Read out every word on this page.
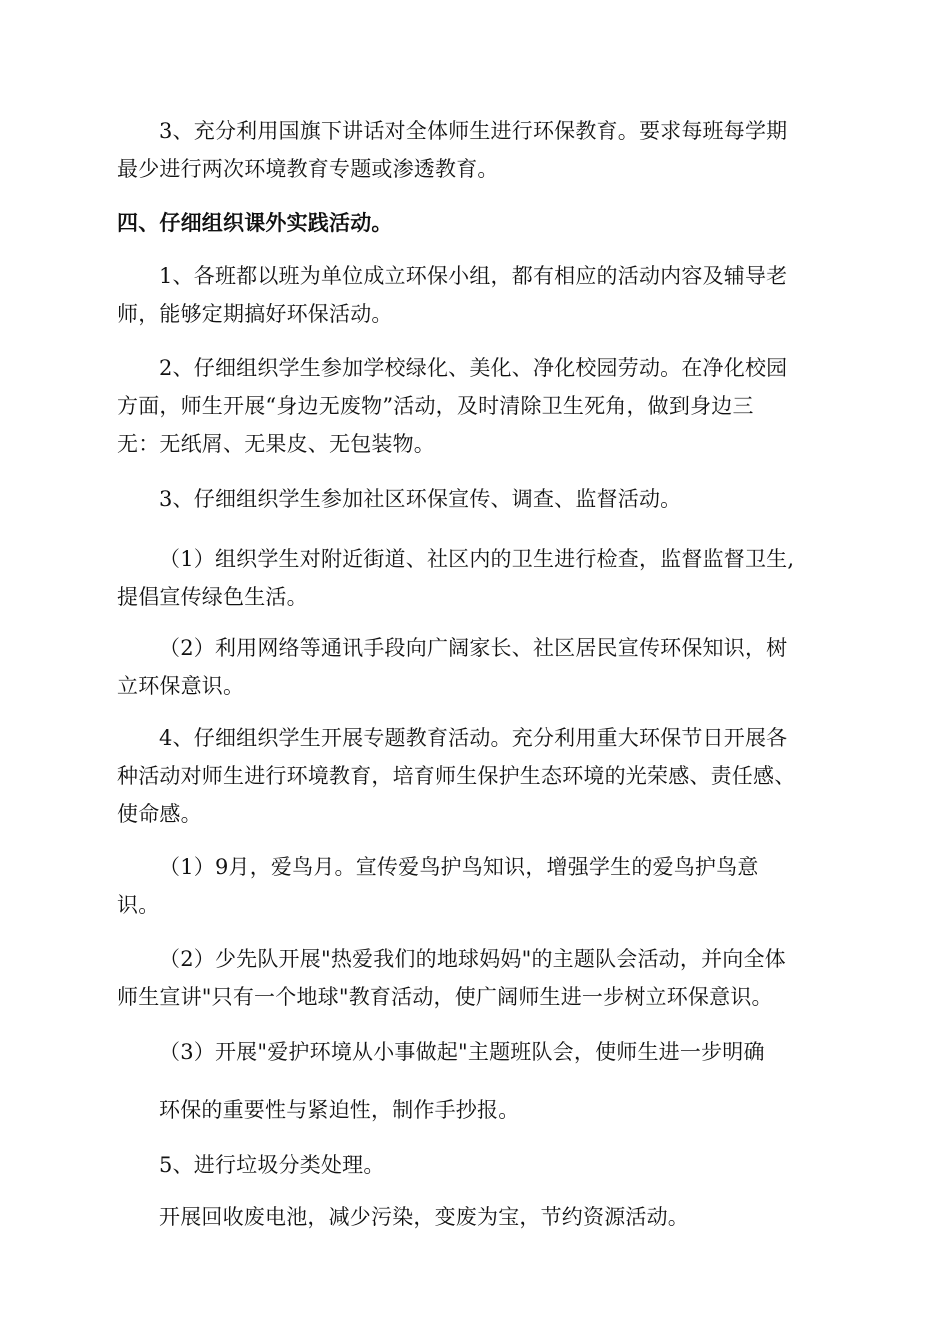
3、充分利用国旗下讲话对全体师生进行环保教育。要求每班每学期
最少进行两次环境教育专题或渗透教育。

四、仔细组织课外实践活动。

1、各班都以班为单位成立环保小组，都有相应的活动内容及辅导老
师，能够定期搞好环保活动。

2、仔细组织学生参加学校绿化、美化、净化校园劳动。在净化校园
方面，师生开展“身边无废物”活动，及时清除卫生死角，做到身边三
无：无纸屑、无果皮、无包装物。

3、仔细组织学生参加社区环保宣传、调查、监督活动。

（1）组织学生对附近街道、社区内的卫生进行检查，监督监督卫生,
提倡宣传绿色生活。

（2）利用网络等通讯手段向广阔家长、社区居民宣传环保知识，树
立环保意识。

4、仔细组织学生开展专题教育活动。充分利用重大环保节日开展各
种活动对师生进行环境教育，培育师生保护生态环境的光荣感、责任感、
使命感。

（1）9月，爱鸟月。宣传爱鸟护鸟知识，增强学生的爱鸟护鸟意
识。

（2）少先队开展"热爱我们的地球妈妈"的主题队会活动，并向全体
师生宣讲"只有一个地球"教育活动，使广阔师生进一步树立环保意识。

（3）开展"爱护环境从小事做起"主题班队会，使师生进一步明确

环保的重要性与紧迫性，制作手抄报。

5、进行垃圾分类处理。

开展回收废电池，减少污染，变废为宝，节约资源活动。
